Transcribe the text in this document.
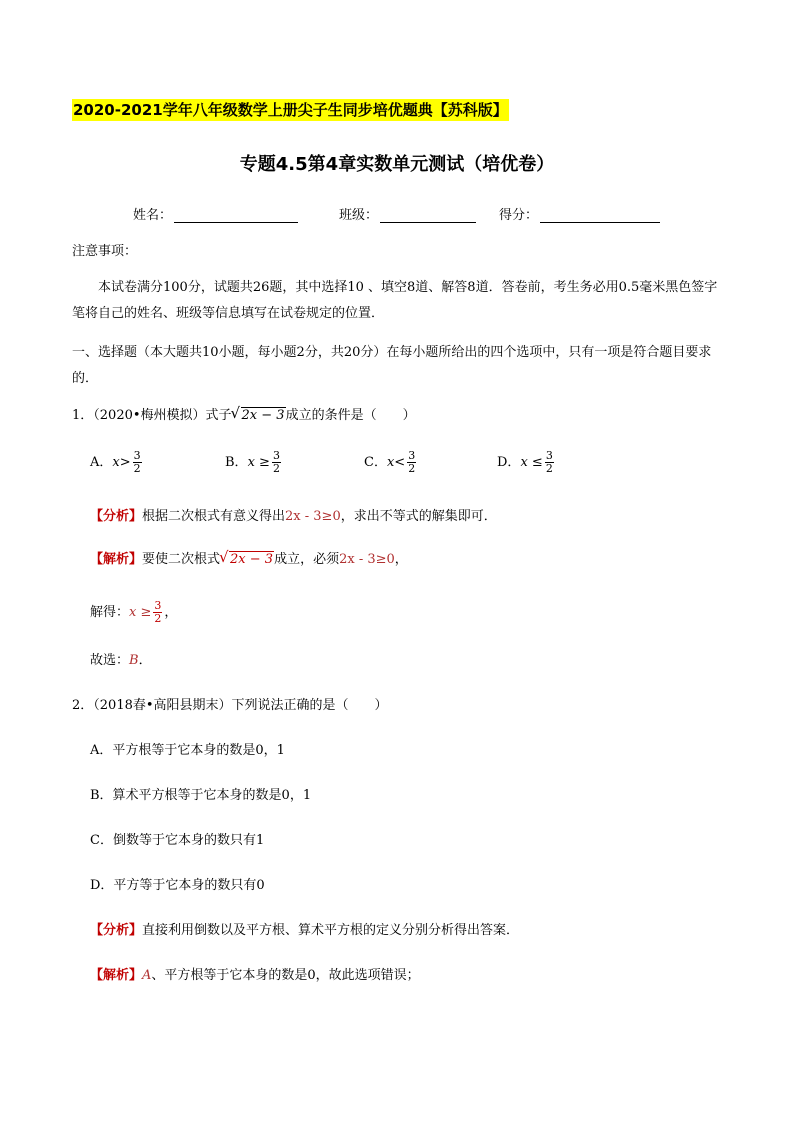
2020-2021学年八年级数学上册尖子生同步培优题典【苏科版】
专题4.5第4章实数单元测试（培优卷）
姓名：	班级：	得分：
注意事项：
本试卷满分100分，试题共26题，其中选择10 、填空8道、解答8道．答卷前，考生务必用0.5毫米黑色签字笔将自己的姓名、班级等信息填写在试卷规定的位置．
一、选择题（本大题共10小题，每小题2分，共20分）在每小题所给出的四个选项中，只有一项是符合题目要求的．
1．（2020•梅州模拟）式子 √ 2x − 3成立的条件是（　　）
A．$x> \frac{3}{2}$	B．$x \ge \frac{3}{2}$	C．$x< \frac{3}{2}$	D．$x \le \frac{3}{2}$
【分析】根据二次根式有意义得出2x - 3≥0，求出不等式的解集即可．
【解析】要使二次根式 √ 2x − 3成立，必须2x - 3≥0，
解得：$x \ge \frac{3}{2}$ ，
故选：B．
2．（2018春•高阳县期末）下列说法正确的是（　　）
A．平方根等于它本身的数是0，1
B．算术平方根等于它本身的数是0，1
C．倒数等于它本身的数只有1
D．平方等于它本身的数只有0
【分析】直接利用倒数以及平方根、算术平方根的定义分别分析得出答案．
【解析】A、平方根等于它本身的数是0，故此选项错误；
